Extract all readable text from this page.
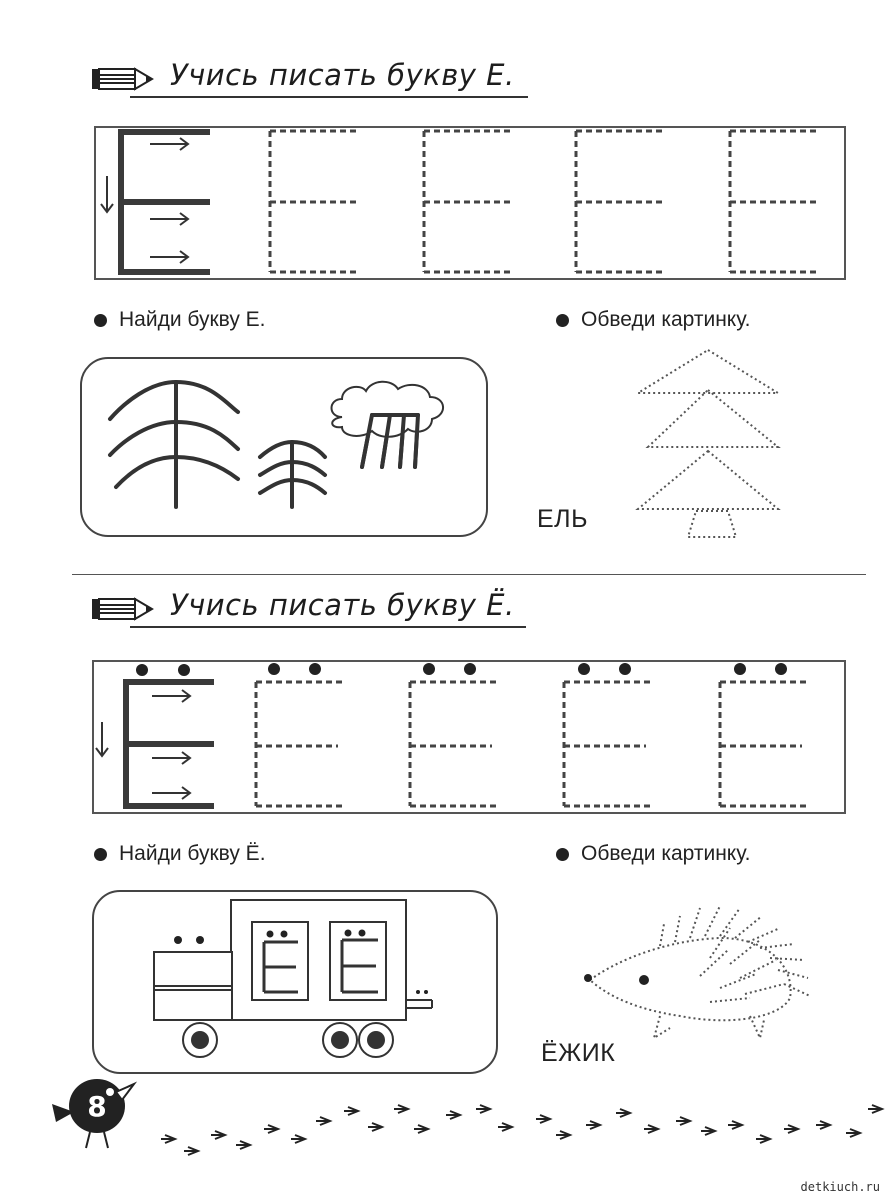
Учись писать букву Е.
Найди букву Е.	Обведи картинку.
ЕЛЬ
Учись писать букву Ё.
Найди букву Ё.	Обведи картинку.
ЁЖИК
8
detkiuch.ru
